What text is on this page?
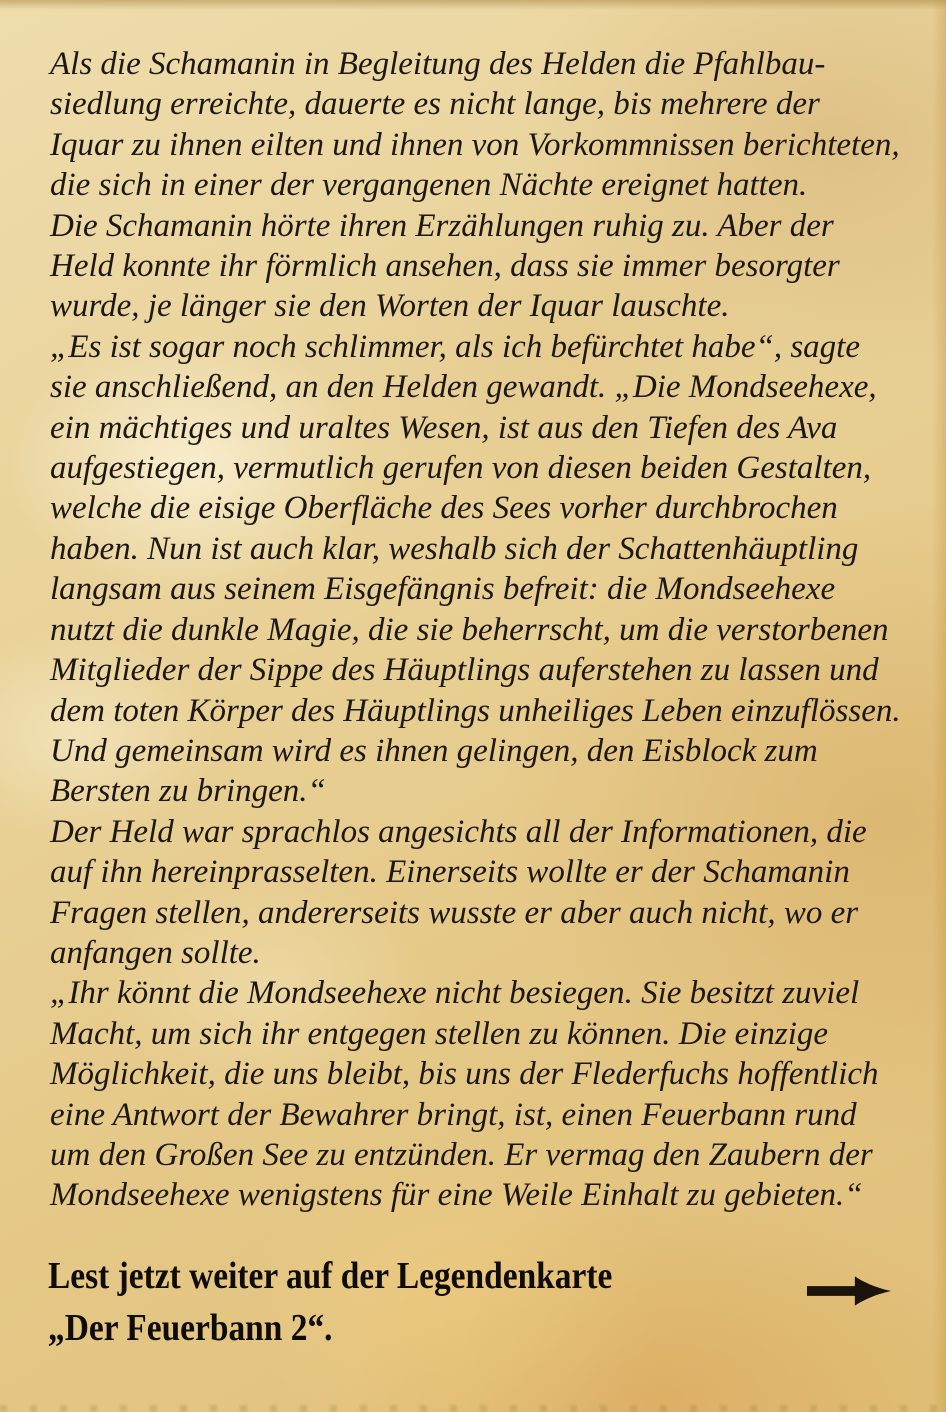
Als die Schamanin in Begleitung des Helden die Pfahlbau-
siedlung erreichte, dauerte es nicht lange, bis mehrere der
Iquar zu ihnen eilten und ihnen von Vorkommnissen berichteten,
die sich in einer der vergangenen Nächte ereignet hatten.
Die Schamanin hörte ihren Erzählungen ruhig zu. Aber der
Held konnte ihr förmlich ansehen, dass sie immer besorgter
wurde, je länger sie den Worten der Iquar lauschte.
„Es ist sogar noch schlimmer, als ich befürchtet habe“, sagte
sie anschließend, an den Helden gewandt. „Die Mondseehexe,
ein mächtiges und uraltes Wesen, ist aus den Tiefen des Ava
aufgestiegen, vermutlich gerufen von diesen beiden Gestalten,
welche die eisige Oberfläche des Sees vorher durchbrochen
haben. Nun ist auch klar, weshalb sich der Schattenhäuptling
langsam aus seinem Eisgefängnis befreit: die Mondseehexe
nutzt die dunkle Magie, die sie beherrscht, um die verstorbenen
Mitglieder der Sippe des Häuptlings auferstehen zu lassen und
dem toten Körper des Häuptlings unheiliges Leben einzuflössen.
Und gemeinsam wird es ihnen gelingen, den Eisblock zum
Bersten zu bringen.“
Der Held war sprachlos angesichts all der Informationen, die
auf ihn hereinprasselten. Einerseits wollte er der Schamanin
Fragen stellen, andererseits wusste er aber auch nicht, wo er
anfangen sollte.
„Ihr könnt die Mondseehexe nicht besiegen. Sie besitzt zuviel
Macht, um sich ihr entgegen stellen zu können. Die einzige
Möglichkeit, die uns bleibt, bis uns der Flederfuchs hoffentlich
eine Antwort der Bewahrer bringt, ist, einen Feuerbann rund
um den Großen See zu entzünden. Er vermag den Zaubern der
Mondseehexe wenigstens für eine Weile Einhalt zu gebieten.“
Lest jetzt weiter auf der Legendenkarte
„Der Feuerbann 2“.
